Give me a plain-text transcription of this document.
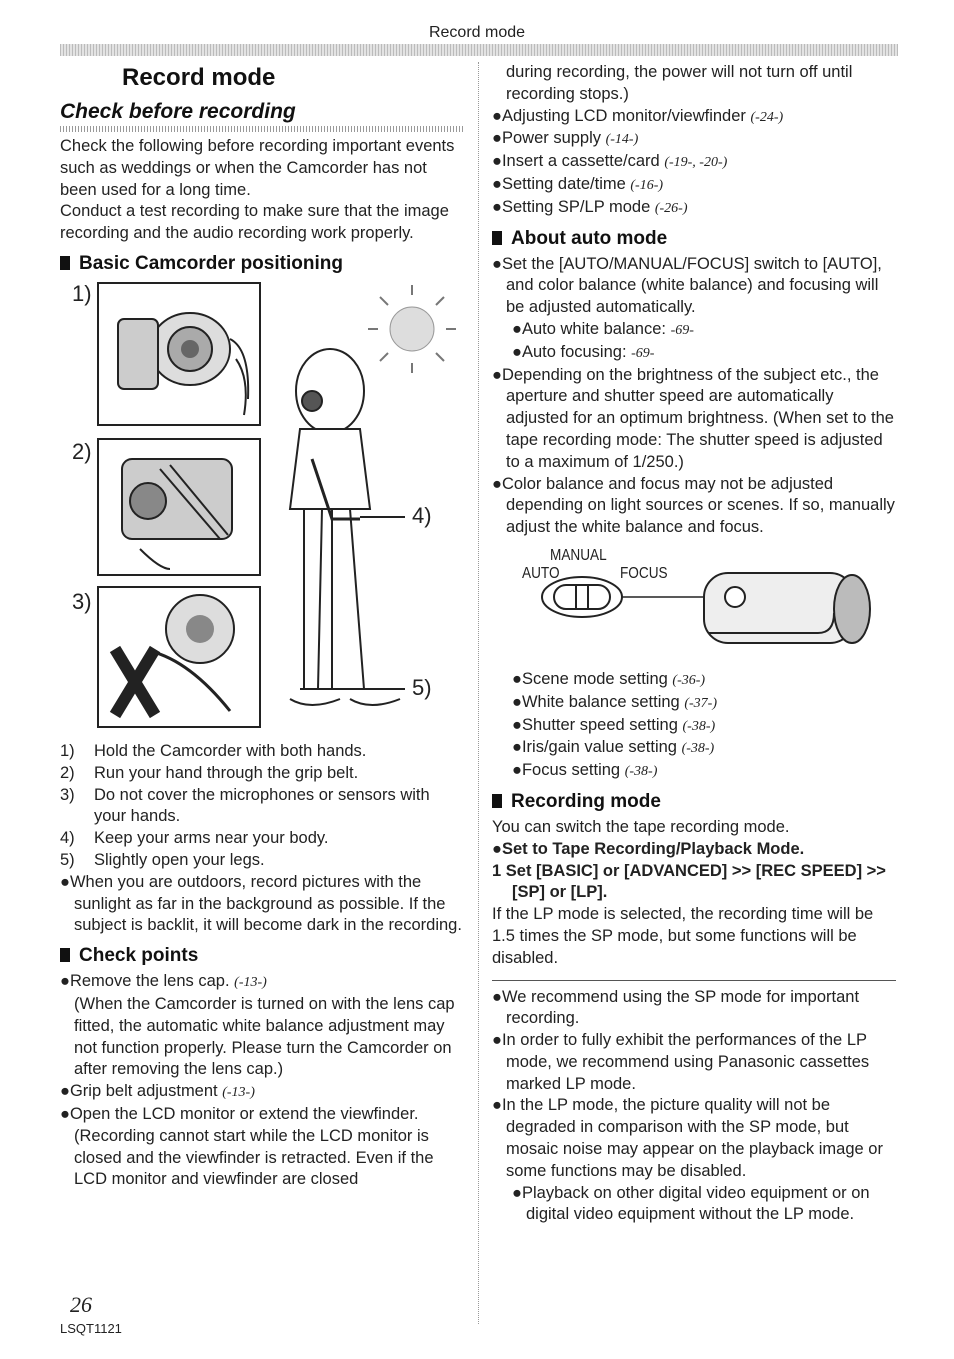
Record mode
Record mode
Check before recording

Check the following before recording important events such as weddings or when the Camcorder has not been used for a long time.

Conduct a test recording to make sure that the image recording and the audio recording work properly.

Basic Camcorder positioning
1)
2)
3)
4)
5)

1) Hold the Camcorder with both hands.

2) Run your hand through the grip belt.

3) Do not cover the microphones or sensors with your hands.

4) Keep your arms near your body.

5) Slightly open your legs.

●When you are outdoors, record pictures with the sunlight as far in the background as possible. If the subject is backlit, it will become dark in the recording.

Check points

●Remove the lens cap. (-13-)

(When the Camcorder is turned on with the lens cap fitted, the automatic white balance adjustment may not function properly. Please turn the Camcorder on after removing the lens cap.)

●Grip belt adjustment (-13-)

●Open the LCD monitor or extend the viewfinder. (Recording cannot start while the LCD monitor is closed and the viewfinder is retracted. Even if the LCD monitor and viewfinder are closed

during recording, the power will not turn off until recording stops.)

●Adjusting LCD monitor/viewfinder (-24-)

●Power supply (-14-)

●Insert a cassette/card (-19-, -20-)

●Setting date/time (-16-)

●Setting SP/LP mode (-26-)

About auto mode

●Set the [AUTO/MANUAL/FOCUS] switch to [AUTO], and color balance (white balance) and focusing will be adjusted automatically.

●Auto white balance: -69-

●Auto focusing: -69-

●Depending on the brightness of the subject etc., the aperture and shutter speed are automatically adjusted for an optimum brightness. (When set to the tape recording mode: The shutter speed is adjusted to a maximum of 1/250.)

●Color balance and focus may not be adjusted depending on light sources or scenes. If so, manually adjust the white balance and focus.

MANUAL
AUTO	FOCUS

●Scene mode setting (-36-)

●White balance setting (-37-)

●Shutter speed setting (-38-)

●Iris/gain value setting (-38-)

●Focus setting (-38-)

Recording mode

You can switch the tape recording mode.

●Set to Tape Recording/Playback Mode.

1 Set [BASIC] or [ADVANCED] >> [REC SPEED] >> [SP] or [LP].

If the LP mode is selected, the recording time will be 1.5 times the SP mode, but some functions will be disabled.

●We recommend using the SP mode for important recording.

●In order to fully exhibit the performances of the LP mode, we recommend using Panasonic cassettes marked LP mode.

●In the LP mode, the picture quality will not be degraded in comparison with the SP mode, but mosaic noise may appear on the playback image or some functions may be disabled.

●Playback on other digital video equipment or on digital video equipment without the LP mode.

26
LSQT1121
